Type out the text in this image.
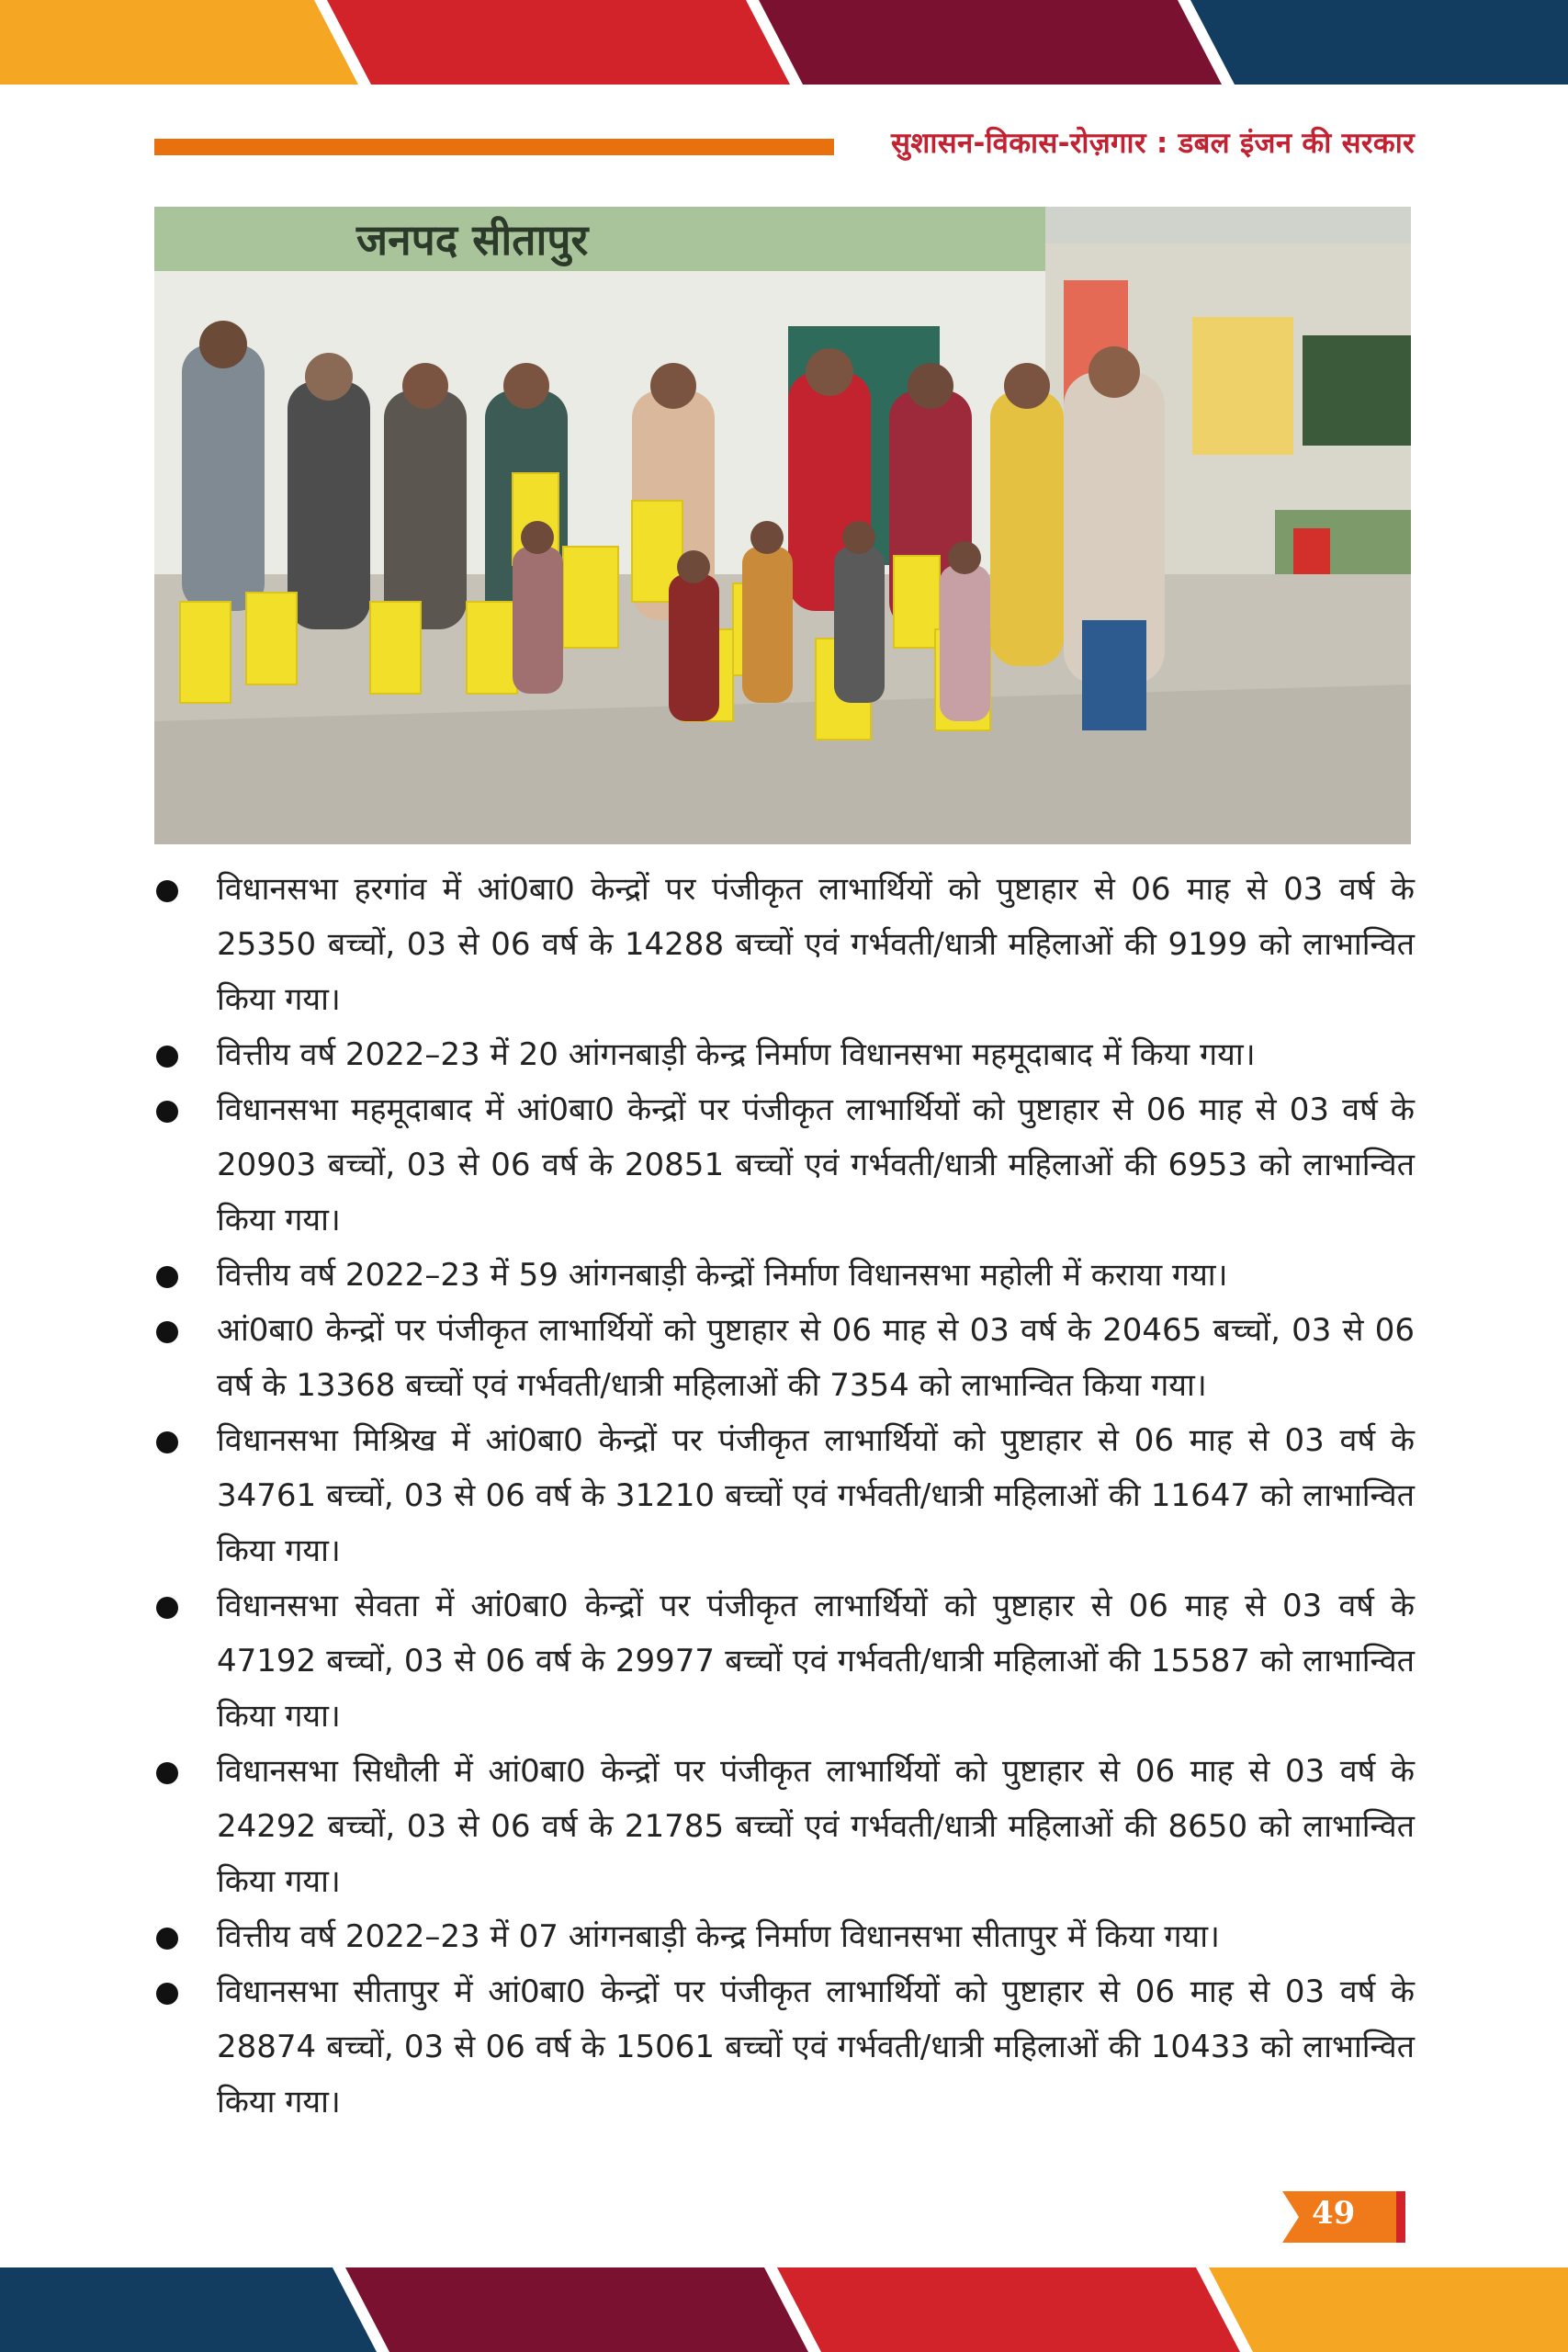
सुशासन-विकास-रोज़गार : डबल इंजन की सरकार
जनपद सीतापुर
विधानसभा हरगांव में आं0बा0 केन्द्रों पर पंजीकृत लाभार्थियों को पुष्टाहार से 06 माह से 03 वर्ष के 25350 बच्चों, 03 से 06 वर्ष के 14288 बच्चों एवं गर्भवती/धात्री महिलाओं की 9199 को लाभान्वित किया गया।
वित्तीय वर्ष 2022–23 में 20 आंगनबाड़ी केन्द्र निर्माण विधानसभा महमूदाबाद में किया गया।
विधानसभा महमूदाबाद में आं0बा0 केन्द्रों पर पंजीकृत लाभार्थियों को पुष्टाहार से 06 माह से 03 वर्ष के 20903 बच्चों, 03 से 06 वर्ष के 20851 बच्चों एवं गर्भवती/धात्री महिलाओं की 6953 को लाभान्वित किया गया।
वित्तीय वर्ष 2022–23 में 59 आंगनबाड़ी केन्द्रों निर्माण विधानसभा महोली में कराया गया।
आं0बा0 केन्द्रों पर पंजीकृत लाभार्थियों को पुष्टाहार से 06 माह से 03 वर्ष के 20465 बच्चों, 03 से 06 वर्ष के 13368 बच्चों एवं गर्भवती/धात्री महिलाओं की 7354 को लाभान्वित किया गया।
विधानसभा मिश्रिख में आं0बा0 केन्द्रों पर पंजीकृत लाभार्थियों को पुष्टाहार से 06 माह से 03 वर्ष के 34761 बच्चों, 03 से 06 वर्ष के 31210 बच्चों एवं गर्भवती/धात्री महिलाओं की 11647 को लाभान्वित किया गया।
विधानसभा सेवता में आं0बा0 केन्द्रों पर पंजीकृत लाभार्थियों को पुष्टाहार से 06 माह से 03 वर्ष के 47192 बच्चों, 03 से 06 वर्ष के 29977 बच्चों एवं गर्भवती/धात्री महिलाओं की 15587 को लाभान्वित किया गया।
विधानसभा सिधौली में आं0बा0 केन्द्रों पर पंजीकृत लाभार्थियों को पुष्टाहार से 06 माह से 03 वर्ष के 24292 बच्चों, 03 से 06 वर्ष के 21785 बच्चों एवं गर्भवती/धात्री महिलाओं की 8650 को लाभान्वित किया गया।
वित्तीय वर्ष 2022–23 में 07 आंगनबाड़ी केन्द्र निर्माण विधानसभा सीतापुर में किया गया।
विधानसभा सीतापुर में आं0बा0 केन्द्रों पर पंजीकृत लाभार्थियों को पुष्टाहार से 06 माह से 03 वर्ष के 28874 बच्चों, 03 से 06 वर्ष के 15061 बच्चों एवं गर्भवती/धात्री महिलाओं की 10433 को लाभान्वित किया गया।
49
